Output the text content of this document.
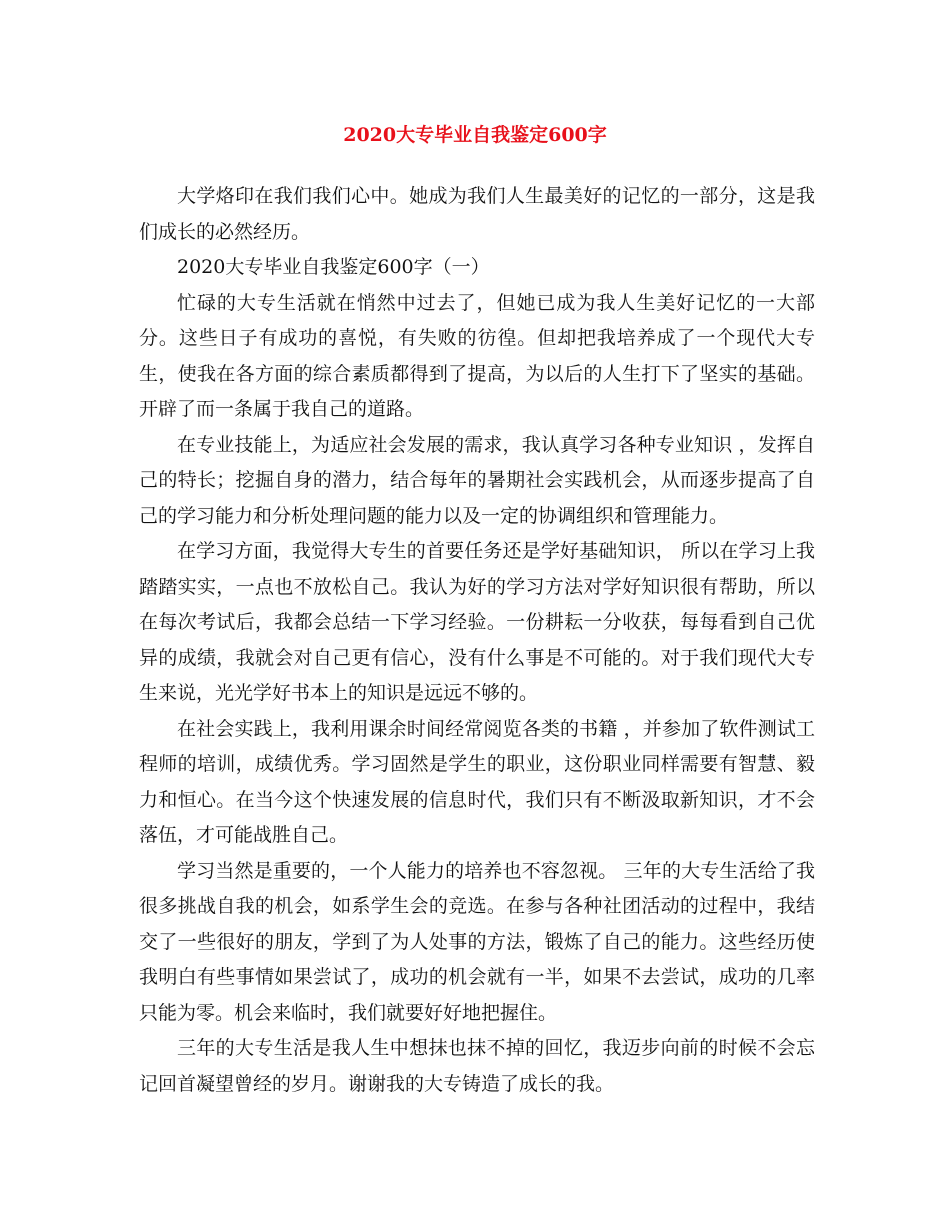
2020大专毕业自我鉴定600字

大学烙印在我们我们心中。她成为我们人生最美好的记忆的一部分，这是我们成长的必然经历。

2020大专毕业自我鉴定600字（一）

忙碌的大专生活就在悄然中过去了，但她已成为我人生美好记忆的一大部分。这些日子有成功的喜悦，有失败的彷徨。但却把我培养成了一个现代大专生，使我在各方面的综合素质都得到了提高，为以后的人生打下了坚实的基础。开辟了而一条属于我自己的道路。

在专业技能上，为适应社会发展的需求，我认真学习各种专业知识 ，发挥自己的特长；挖掘自身的潜力，结合每年的暑期社会实践机会，从而逐步提高了自己的学习能力和分析处理问题的能力以及一定的协调组织和管理能力。

在学习方面，我觉得大专生的首要任务还是学好基础知识， 所以在学习上我踏踏实实，一点也不放松自己。我认为好的学习方法对学好知识很有帮助，所以在每次考试后，我都会总结一下学习经验。一份耕耘一分收获，每每看到自己优异的成绩，我就会对自己更有信心，没有什么事是不可能的。对于我们现代大专生来说，光光学好书本上的知识是远远不够的。

在社会实践上，我利用课余时间经常阅览各类的书籍 ，并参加了软件测试工程师的培训，成绩优秀。学习固然是学生的职业，这份职业同样需要有智慧、毅力和恒心。在当今这个快速发展的信息时代，我们只有不断汲取新知识，才不会落伍，才可能战胜自己。

学习当然是重要的，一个人能力的培养也不容忽视。 三年的大专生活给了我很多挑战自我的机会，如系学生会的竞选。在参与各种社团活动的过程中，我结交了一些很好的朋友，学到了为人处事的方法，锻炼了自己的能力。这些经历使我明白有些事情如果尝试了，成功的机会就有一半，如果不去尝试，成功的几率只能为零。机会来临时，我们就要好好地把握住。

三年的大专生活是我人生中想抹也抹不掉的回忆，我迈步向前的时候不会忘记回首凝望曾经的岁月。谢谢我的大专铸造了成长的我。
